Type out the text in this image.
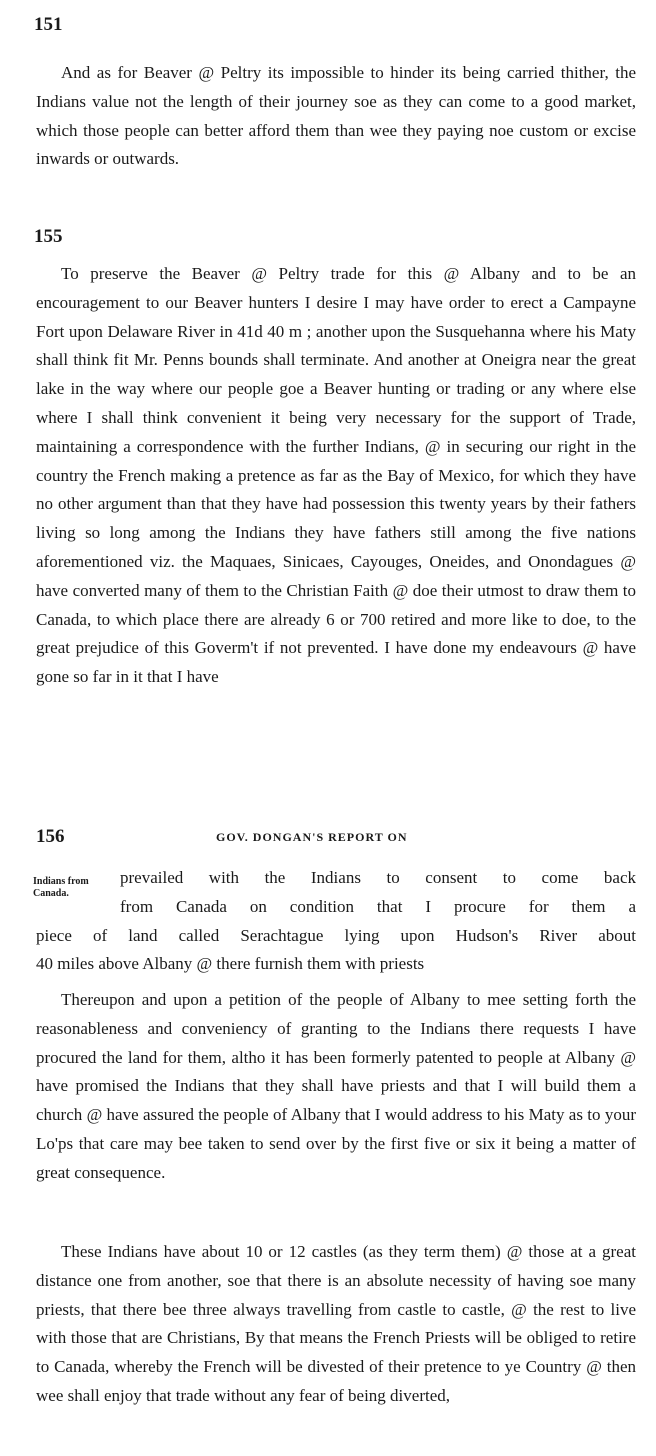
151

And as for Beaver @ Peltry its impossible to hinder its being carried thither, the Indians value not the length of their journey soe as they can come to a good market, which those people can better afford them than wee they paying noe custom or excise inwards or outwards.

155

To preserve the Beaver @ Peltry trade for this @ Albany and to be an encouragement to our Beaver hunters I desire I may have order to erect a Campayne Fort upon Delaware River in 41d 40 m ; another upon the Susquehanna where his Maty shall think fit Mr. Penns bounds shall terminate. And another at Oneigra near the great lake in the way where our people goe a Beaver hunting or trading or any where else where I shall think convenient it being very necessary for the support of Trade, maintaining a correspondence with the further Indians, @ in securing our right in the country the French making a pretence as far as the Bay of Mexico, for which they have no other argument than that they have had possession this twenty years by their fathers living so long among the Indians they have fathers still among the five nations aforementioned viz. the Maquaes, Sinicaes, Cayouges, Oneides, and Onondagues @ have converted many of them to the Christian Faith @ doe their utmost to draw them to Canada, to which place there are already 6 or 700 retired and more like to doe, to the great prejudice of this Goverm't if not prevented. I have done my endeavours @ have gone so far in it that I have

156	GOV. DONGAN'S REPORT ON
Indians from
Canada.
prevailed with the Indians to consent to come back
from Canada on condition that I procure for them a
piece of land called Serachtague lying upon Hudson's River about
40 miles above Albany @ there furnish them with priests

Thereupon and upon a petition of the people of Albany to mee setting forth the reasonableness and conveniency of granting to the Indians there requests I have procured the land for them, altho it has been formerly patented to people at Albany @ have promised the Indians that they shall have priests and that I will build them a church @ have assured the people of Albany that I would address to his Maty as to your Lo'ps that care may bee taken to send over by the first five or six it being a matter of great consequence.

These Indians have about 10 or 12 castles (as they term them) @ those at a great distance one from another, soe that there is an absolute necessity of having soe many priests, that there bee three always travelling from castle to castle, @ the rest to live with those that are Christians, By that means the French Priests will be obliged to retire to Canada, whereby the French will be divested of their pretence to ye Country @ then wee shall enjoy that trade without any fear of being diverted,
